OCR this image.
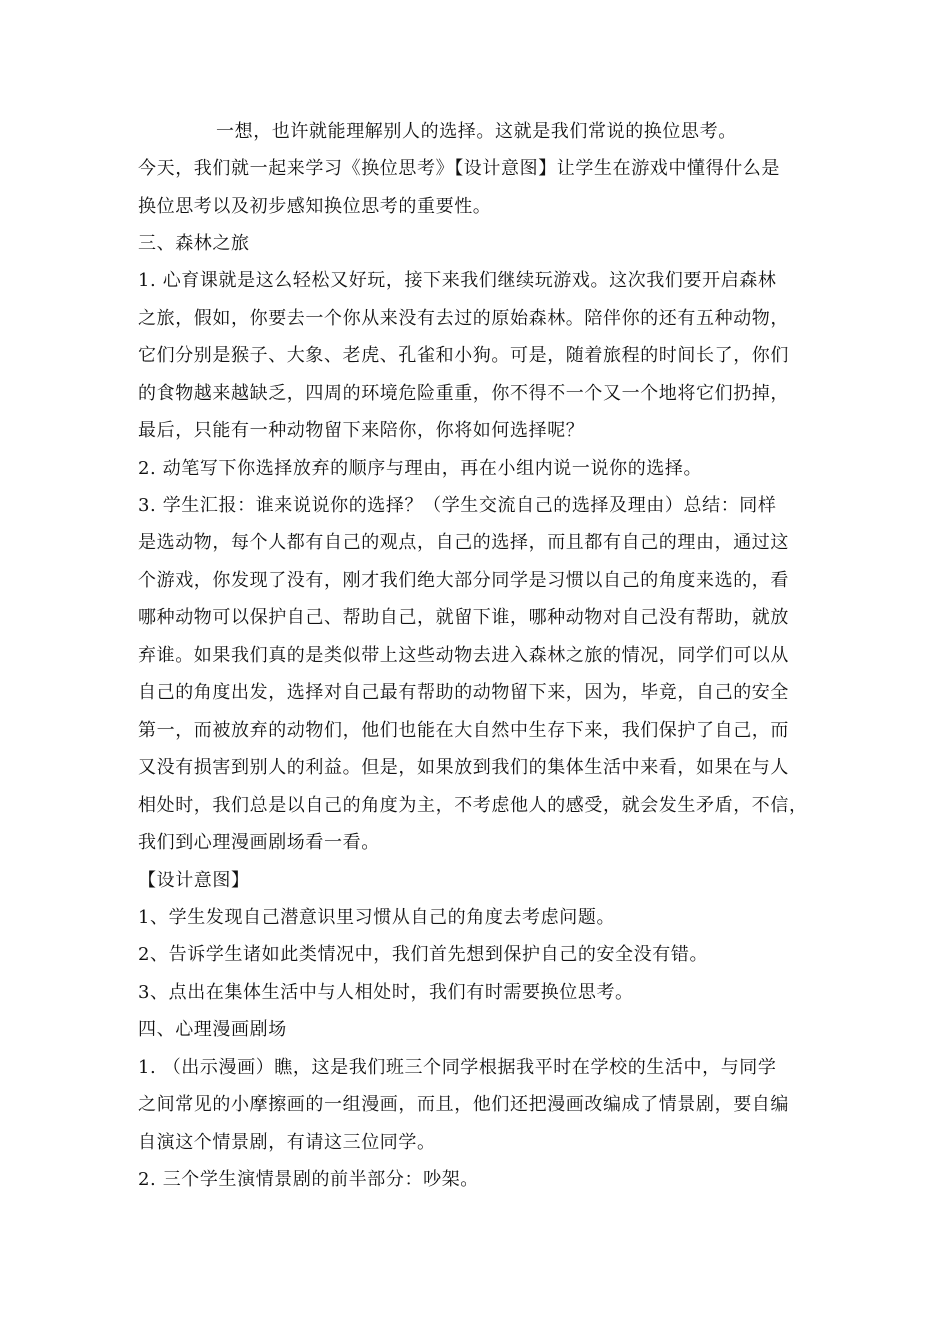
一想，也许就能理解别人的选择。这就是我们常说的换位思考。
今天，我们就一起来学习《换位思考》【设计意图】让学生在游戏中懂得什么是
换位思考以及初步感知换位思考的重要性。
三、森林之旅
1. 心育课就是这么轻松又好玩，接下来我们继续玩游戏。这次我们要开启森林
之旅，假如，你要去一个你从来没有去过的原始森林。陪伴你的还有五种动物，
它们分别是猴子、大象、老虎、孔雀和小狗。可是，随着旅程的时间长了，你们
的食物越来越缺乏，四周的环境危险重重，你不得不一个又一个地将它们扔掉，
最后，只能有一种动物留下来陪你，你将如何选择呢？
2. 动笔写下你选择放弃的顺序与理由，再在小组内说一说你的选择。
3. 学生汇报：谁来说说你的选择？（学生交流自己的选择及理由）总结：同样
是选动物，每个人都有自己的观点，自己的选择，而且都有自己的理由，通过这
个游戏，你发现了没有，刚才我们绝大部分同学是习惯以自己的角度来选的，看
哪种动物可以保护自己、帮助自己，就留下谁，哪种动物对自己没有帮助，就放
弃谁。如果我们真的是类似带上这些动物去进入森林之旅的情况，同学们可以从
自己的角度出发，选择对自己最有帮助的动物留下来，因为，毕竟，自己的安全
第一，而被放弃的动物们，他们也能在大自然中生存下来，我们保护了自己，而
又没有损害到别人的利益。但是，如果放到我们的集体生活中来看，如果在与人
相处时，我们总是以自己的角度为主，不考虑他人的感受，就会发生矛盾，不信，
我们到心理漫画剧场看一看。
【设计意图】
1、学生发现自己潜意识里习惯从自己的角度去考虑问题。
2、告诉学生诸如此类情况中，我们首先想到保护自己的安全没有错。
3、点出在集体生活中与人相处时，我们有时需要换位思考。
四、心理漫画剧场
1. （出示漫画）瞧，这是我们班三个同学根据我平时在学校的生活中，与同学
之间常见的小摩擦画的一组漫画，而且，他们还把漫画改编成了情景剧，要自编
自演这个情景剧，有请这三位同学。
2. 三个学生演情景剧的前半部分：吵架。
